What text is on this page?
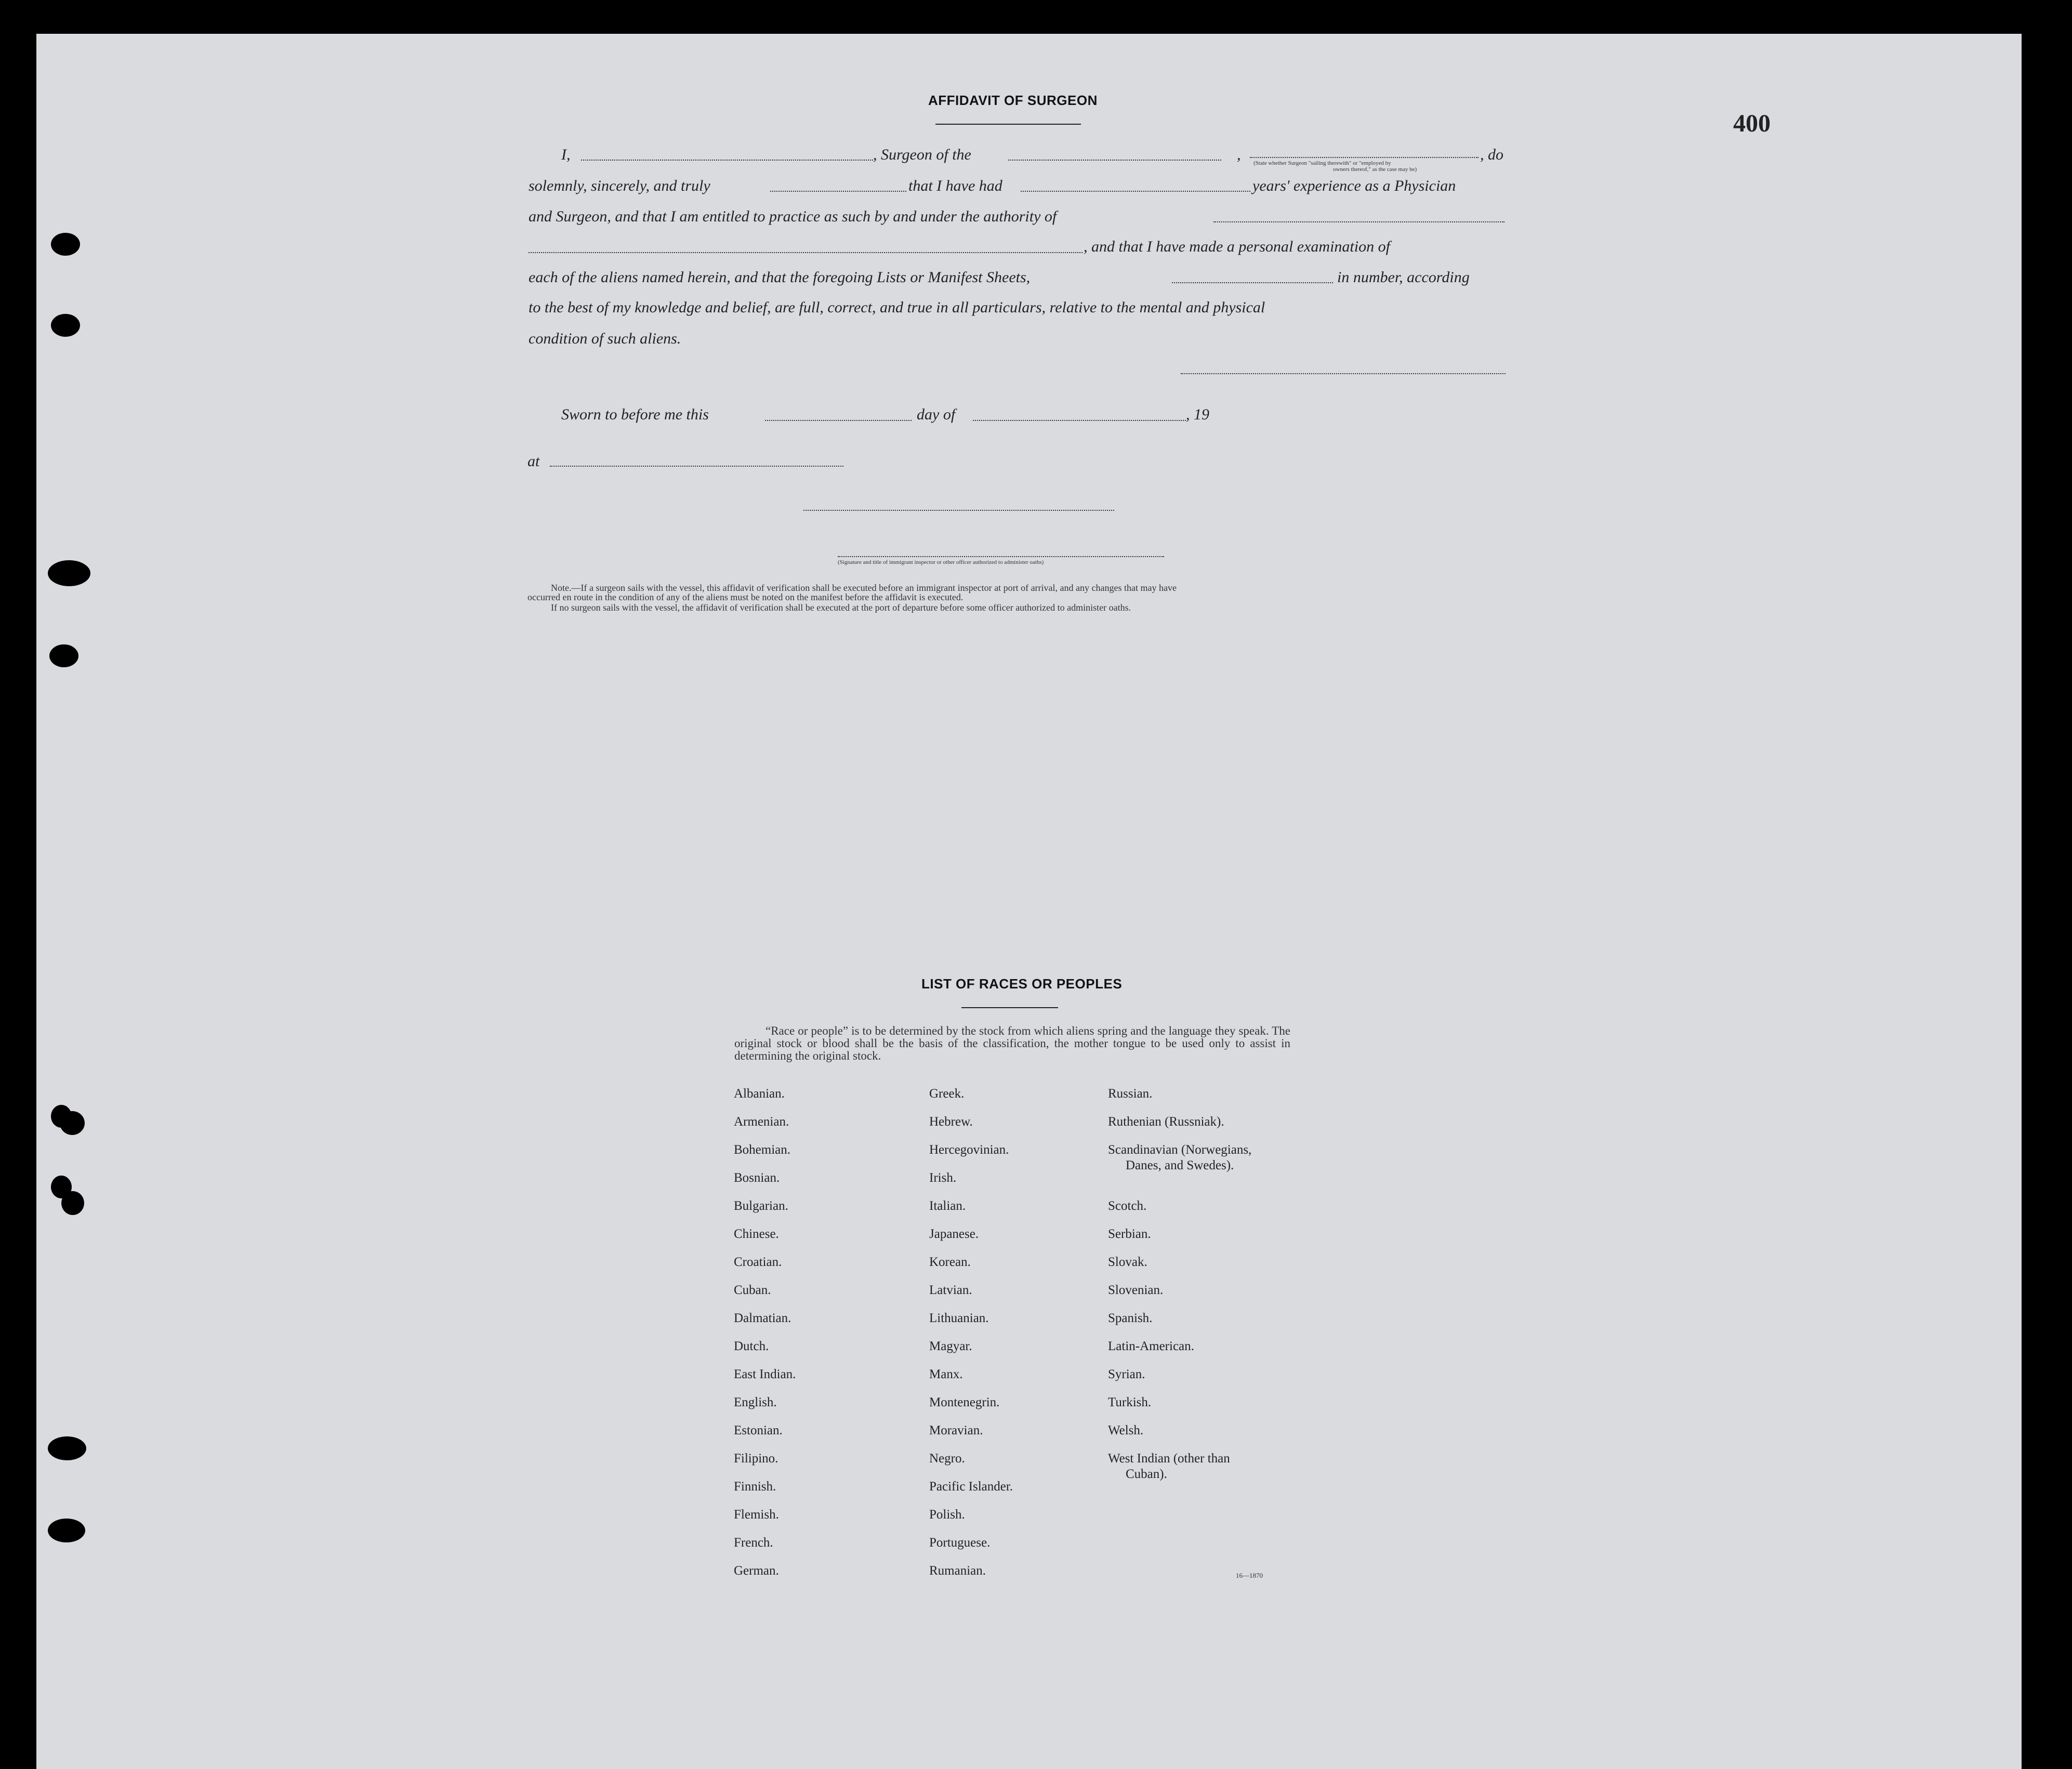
400
AFFIDAVIT OF SURGEON
I,	, Surgeon of the	, (State whether Surgeon "sailing therewith" or "employed by
owners thereof," as the case may be)
, do
solemnly, sincerely, and truly	that I have had	years' experience as a Physician
and Surgeon, and that I am entitled to practice as such by and under the authority of
, and that I have made a personal examination of
each of the aliens named herein, and that the foregoing Lists or Manifest Sheets,	in number, according
to the best of my knowledge and belief, are full, correct, and true in all particulars, relative to the mental and physical
condition of such aliens.
Sworn to before me this	day of	, 19
at
(Signature and title of immigrant inspector or other officer authorized to administer oaths)
Note.—If a surgeon sails with the vessel, this affidavit of verification shall be executed before an immigrant inspector at port of arrival, and any changes that may have
occurred en route in the condition of any of the aliens must be noted on the manifest before the affidavit is executed.
If no surgeon sails with the vessel, the affidavit of verification shall be executed at the port of departure before some officer authorized to administer oaths.
LIST OF RACES OR PEOPLES
“Race or people” is to be determined by the stock from which aliens spring and the language they speak. The original stock or blood shall be the basis of the classification, the mother tongue to be used only to assist in determining the original stock.
Albanian.
Armenian.
Bohemian.
Bosnian.
Bulgarian.
Chinese.
Croatian.
Cuban.
Dalmatian.
Dutch.
East Indian.
English.
Estonian.
Filipino.
Finnish.
Flemish.
French.
German.
Greek.
Hebrew.
Hercegovinian.
Irish.
Italian.
Japanese.
Korean.
Latvian.
Lithuanian.
Magyar.
Manx.
Montenegrin.
Moravian.
Negro.
Pacific Islander.
Polish.
Portuguese.
Rumanian.
Russian.
Ruthenian (Russniak).
Scandinavian (Norwegians,
Danes, and Swedes).
Scotch.
Serbian.
Slovak.
Slovenian.
Spanish.
Latin-American.
Syrian.
Turkish.
Welsh.
West Indian (other than
Cuban).
16—1870
